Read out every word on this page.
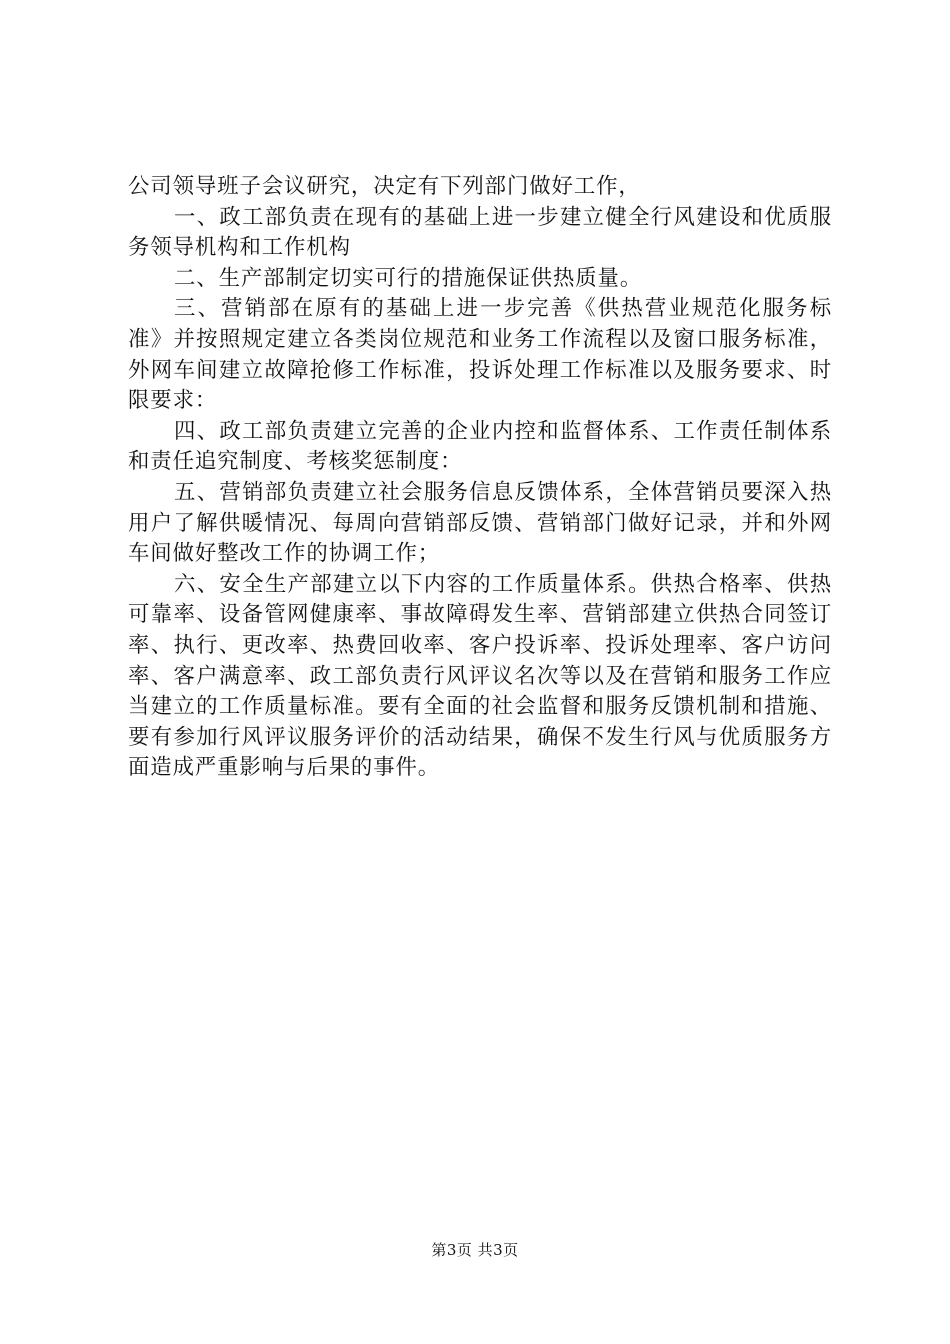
公司领导班子会议研究，决定有下列部门做好工作，

一、政工部负责在现有的基础上进一步建立健全行风建设和优质服务领导机构和工作机构

二、生产部制定切实可行的措施保证供热质量。

三、营销部在原有的基础上进一步完善《供热营业规范化服务标准》并按照规定建立各类岗位规范和业务工作流程以及窗口服务标准，外网车间建立故障抢修工作标准，投诉处理工作标准以及服务要求、时限要求：

四、政工部负责建立完善的企业内控和监督体系、工作责任制体系和责任追究制度、考核奖惩制度：

五、营销部负责建立社会服务信息反馈体系，全体营销员要深入热用户了解供暖情况、每周向营销部反馈、营销部门做好记录，并和外网车间做好整改工作的协调工作；

六、安全生产部建立以下内容的工作质量体系。供热合格率、供热可靠率、设备管网健康率、事故障碍发生率、营销部建立供热合同签订率、执行、更改率、热费回收率、客户投诉率、投诉处理率、客户访问率、客户满意率、政工部负责行风评议名次等以及在营销和服务工作应当建立的工作质量标准。要有全面的社会监督和服务反馈机制和措施、要有参加行风评议服务评价的活动结果，确保不发生行风与优质服务方面造成严重影响与后果的事件。

第3页 共3页
